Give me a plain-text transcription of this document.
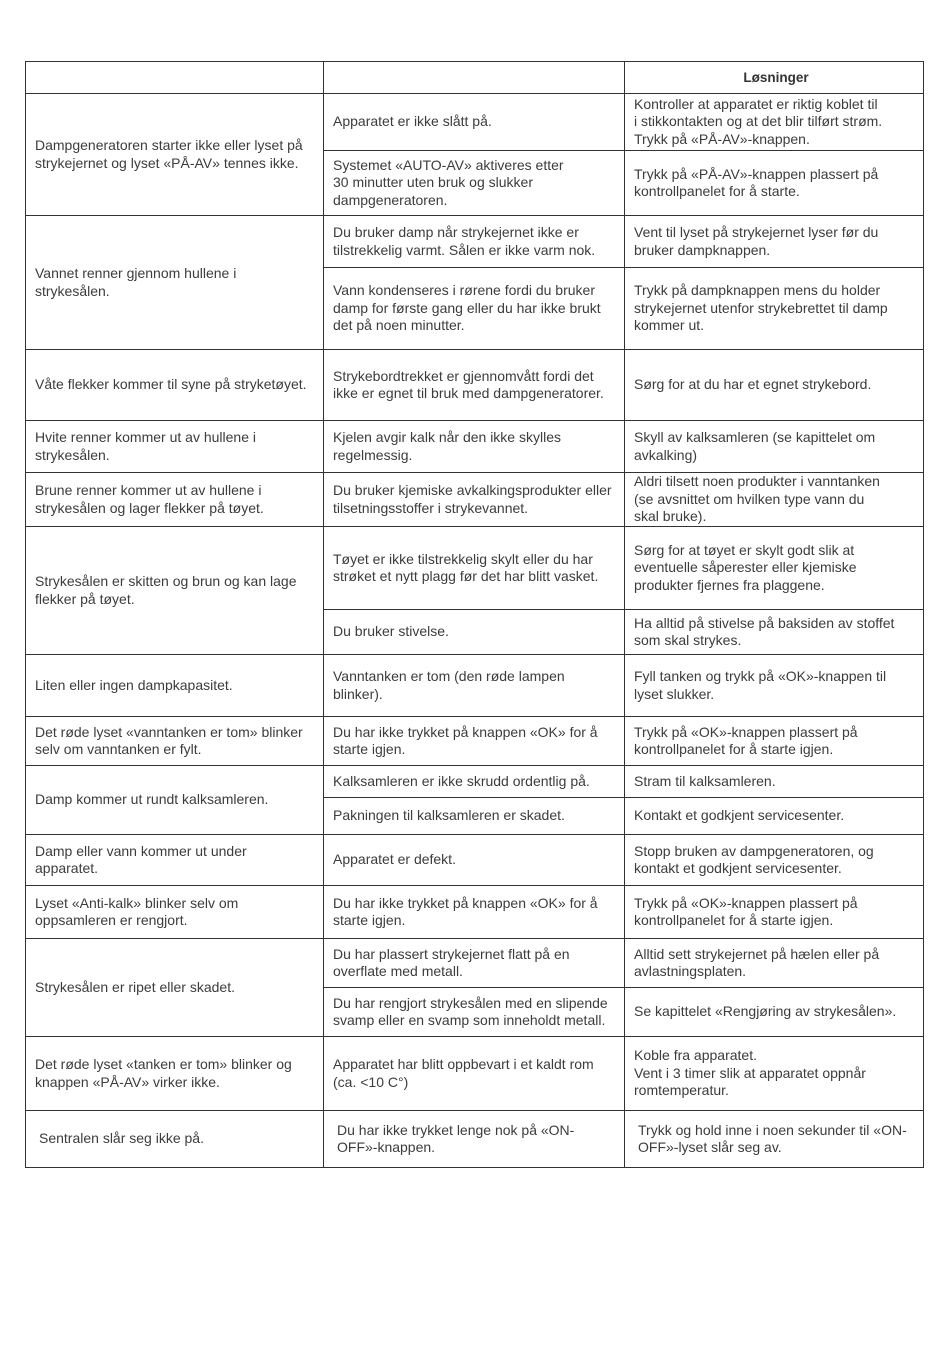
		Løsninger
Dampgeneratoren starter ikke eller lyset på
strykejernet og lyset «PÅ-AV» tennes ikke.	Apparatet er ikke slått på.	Kontroller at apparatet er riktig koblet til
i stikkontakten og at det blir tilført strøm.
Trykk på «PÅ-AV»-knappen.
	Systemet «AUTO-AV» aktiveres etter
30 minutter uten bruk og slukker
dampgeneratoren.	Trykk på «PÅ-AV»-knappen plassert på
kontrollpanelet for å starte.
Vannet renner gjennom hullene i
strykesålen.	Du bruker damp når strykejernet ikke er
tilstrekkelig varmt. Sålen er ikke varm nok.	Vent til lyset på strykejernet lyser før du
bruker dampknappen.
	Vann kondenseres i rørene fordi du bruker
damp for første gang eller du har ikke brukt
det på noen minutter.	Trykk på dampknappen mens du holder
strykejernet utenfor strykebrettet til damp
kommer ut.
Våte flekker kommer til syne på stryketøyet.	Strykebordtrekket er gjennomvått fordi det
ikke er egnet til bruk med dampgeneratorer.	Sørg for at du har et egnet strykebord.
Hvite renner kommer ut av hullene i
strykesålen.	Kjelen avgir kalk når den ikke skylles
regelmessig.	Skyll av kalksamleren (se kapittelet om
avkalking)
Brune renner kommer ut av hullene i
strykesålen og lager flekker på tøyet.	Du bruker kjemiske avkalkingsprodukter eller
tilsetningsstoffer i strykevannet.	Aldri tilsett noen produkter i vanntanken
(se avsnittet om hvilken type vann du
skal bruke).
Strykesålen er skitten og brun og kan lage
flekker på tøyet.	Tøyet er ikke tilstrekkelig skylt eller du har
strøket et nytt plagg før det har blitt vasket.	Sørg for at tøyet er skylt godt slik at
eventuelle såperester eller kjemiske
produkter fjernes fra plaggene.
	Du bruker stivelse.	Ha alltid på stivelse på baksiden av stoffet
som skal strykes.
Liten eller ingen dampkapasitet.	Vanntanken er tom (den røde lampen
blinker).	Fyll tanken og trykk på «OK»-knappen til
lyset slukker.
Det røde lyset «vanntanken er tom» blinker
selv om vanntanken er fylt.	Du har ikke trykket på knappen «OK» for å
starte igjen.	Trykk på «OK»-knappen plassert på
kontrollpanelet for å starte igjen.
Damp kommer ut rundt kalksamleren.	Kalksamleren er ikke skrudd ordentlig på.	Stram til kalksamleren.
	Pakningen til kalksamleren er skadet.	Kontakt et godkjent servicesenter.
Damp eller vann kommer ut under
apparatet.	Apparatet er defekt.	Stopp bruken av dampgeneratoren, og
kontakt et godkjent servicesenter.
Lyset «Anti-kalk» blinker selv om
oppsamleren er rengjort.	Du har ikke trykket på knappen «OK» for å
starte igjen.	Trykk på «OK»-knappen plassert på
kontrollpanelet for å starte igjen.
Strykesålen er ripet eller skadet.	Du har plassert strykejernet flatt på en
overflate med metall.	Alltid sett strykejernet på hælen eller på
avlastningsplaten.
	Du har rengjort strykesålen med en slipende
svamp eller en svamp som inneholdt metall.	Se kapittelet «Rengjøring av strykesålen».
Det røde lyset «tanken er tom» blinker og
knappen «PÅ-AV» virker ikke.	Apparatet har blitt oppbevart i et kaldt rom
(ca. <10 C°)	Koble fra apparatet.
Vent i 3 timer slik at apparatet oppnår
romtemperatur.
Sentralen slår seg ikke på.	Du har ikke trykket lenge nok på «ON-OFF»-knappen.	Trykk og hold inne i noen sekunder til «ON-OFF»-lyset slår seg av.
